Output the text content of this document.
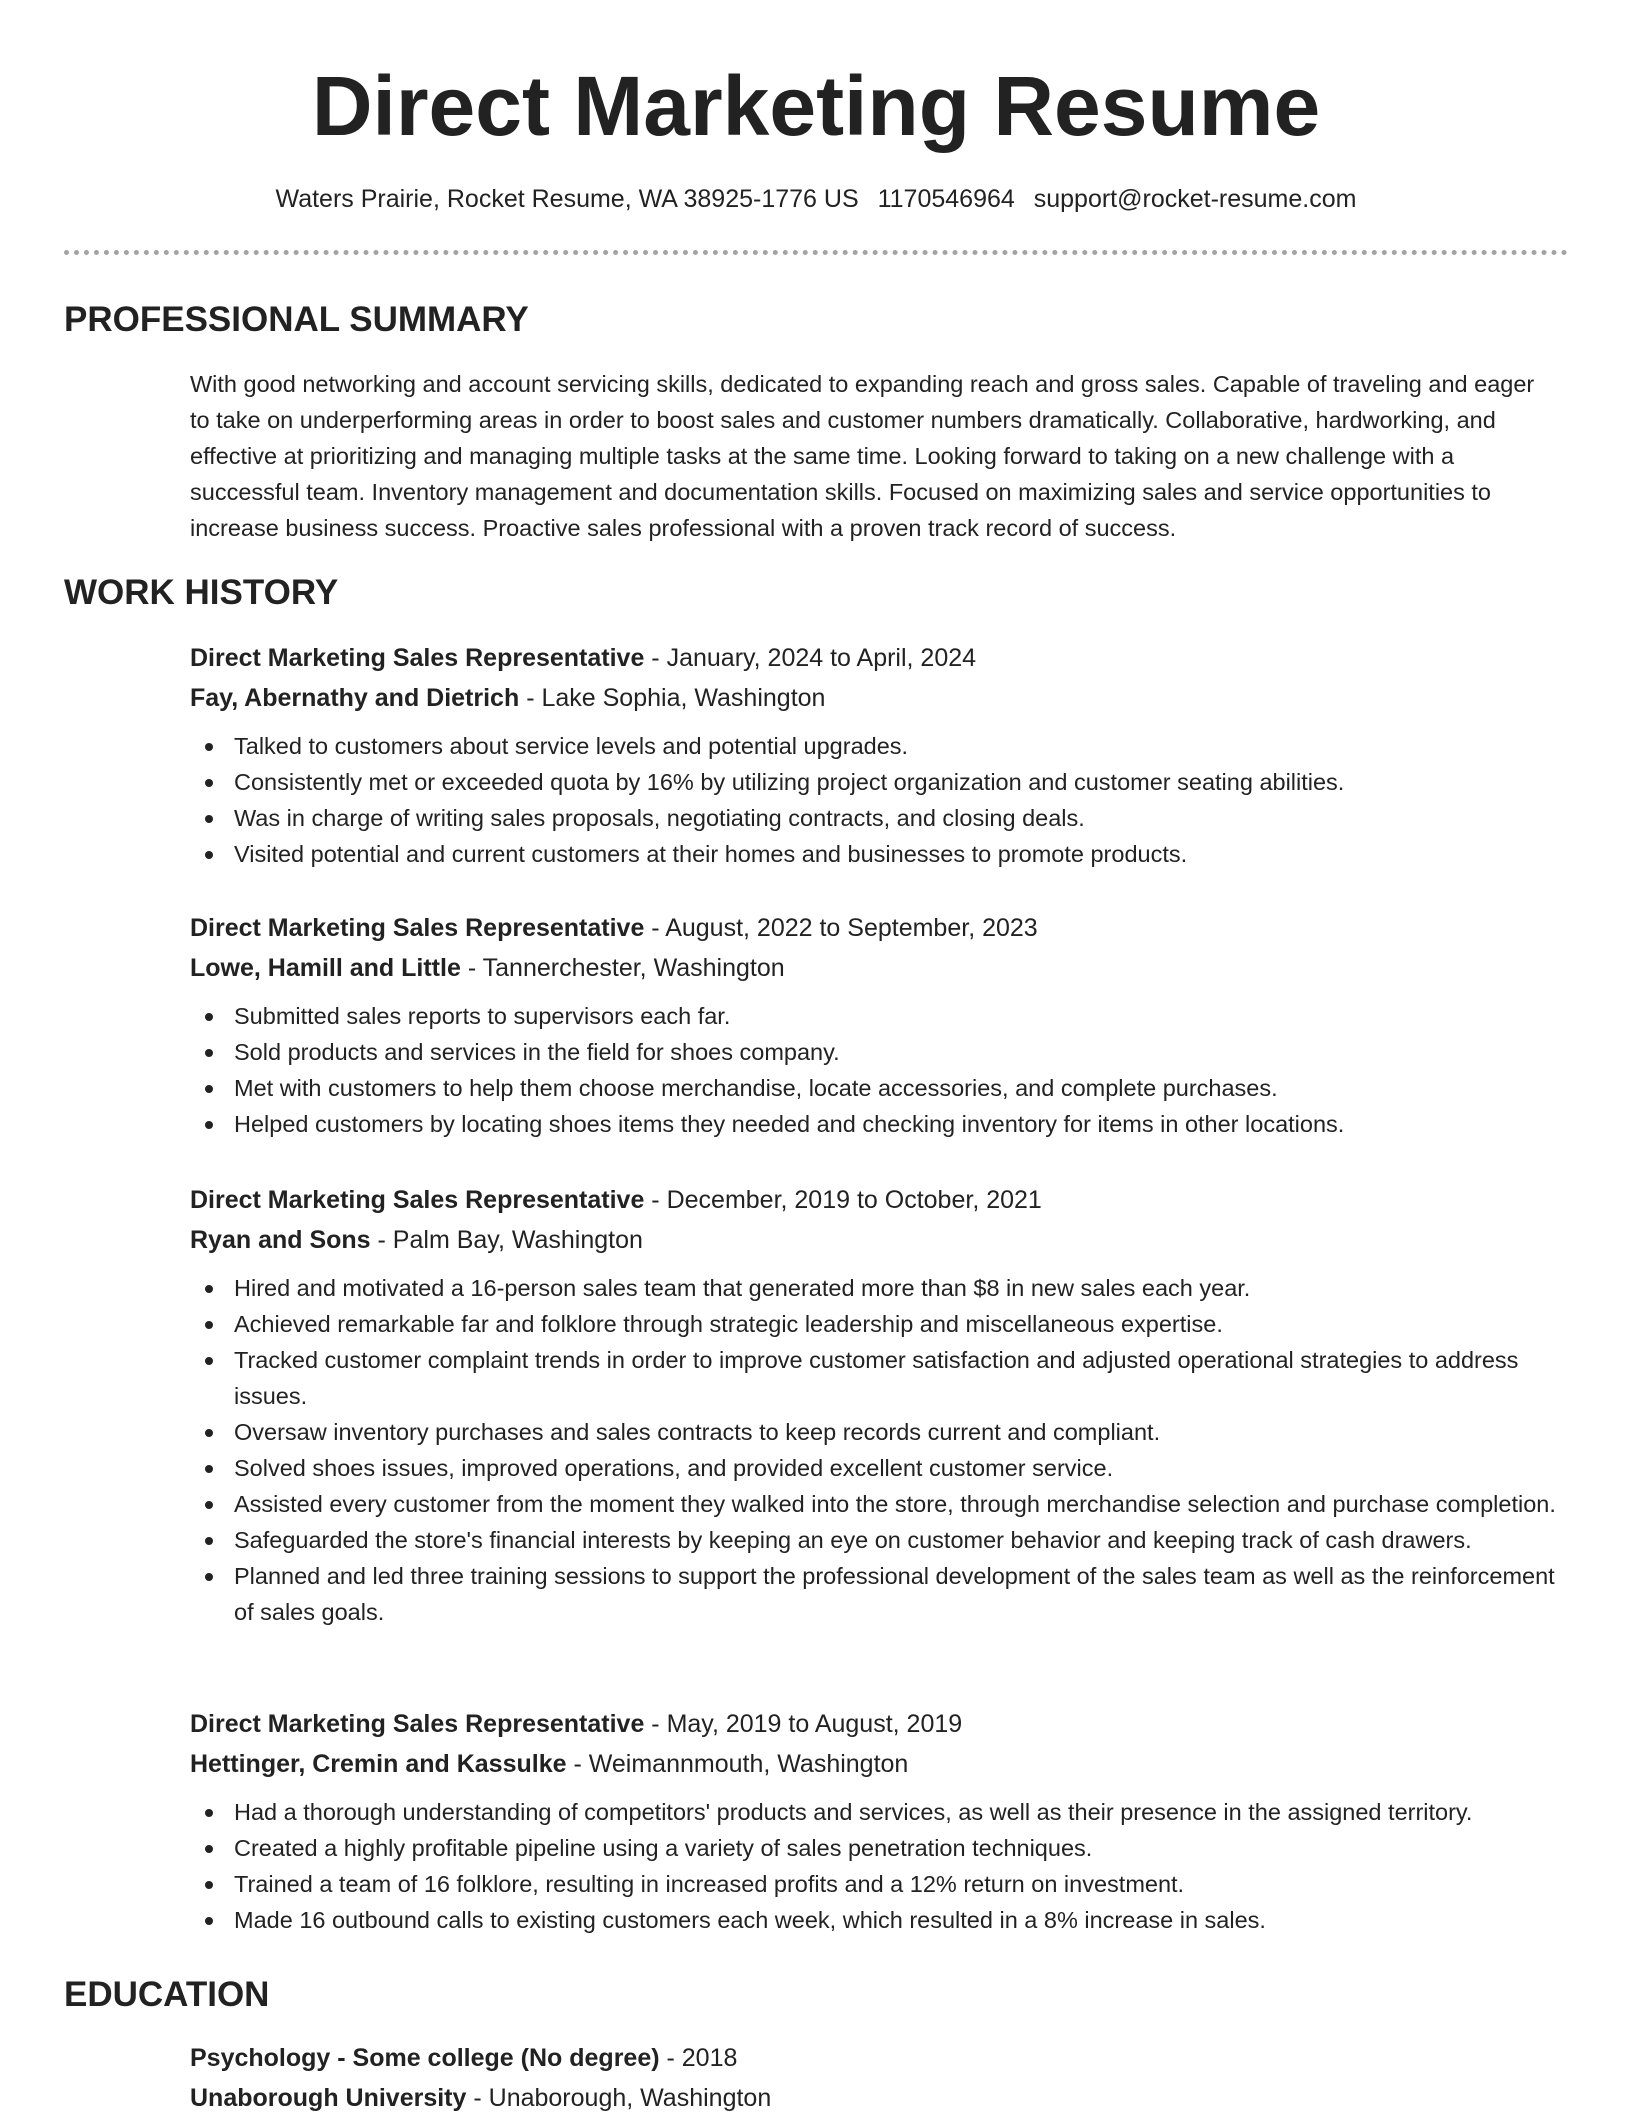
Direct Marketing Resume
Waters Prairie, Rocket Resume, WA 38925-1776 US 1170546964 support@rocket-resume.com
PROFESSIONAL SUMMARY

With good networking and account servicing skills, dedicated to expanding reach and gross sales. Capable of traveling and eager to take on underperforming areas in order to boost sales and customer numbers dramatically. Collaborative, hardworking, and effective at prioritizing and managing multiple tasks at the same time. Looking forward to taking on a new challenge with a successful team. Inventory management and documentation skills. Focused on maximizing sales and service opportunities to increase business success. Proactive sales professional with a proven track record of success.

WORK HISTORY
Direct Marketing Sales Representative - January, 2024 to April, 2024
Fay, Abernathy and Dietrich - Lake Sophia, Washington
Talked to customers about service levels and potential upgrades.
Consistently met or exceeded quota by 16% by utilizing project organization and customer seating abilities.
Was in charge of writing sales proposals, negotiating contracts, and closing deals.
Visited potential and current customers at their homes and businesses to promote products.
Direct Marketing Sales Representative - August, 2022 to September, 2023
Lowe, Hamill and Little - Tannerchester, Washington
Submitted sales reports to supervisors each far.
Sold products and services in the field for shoes company.
Met with customers to help them choose merchandise, locate accessories, and complete purchases.
Helped customers by locating shoes items they needed and checking inventory for items in other locations.
Direct Marketing Sales Representative - December, 2019 to October, 2021
Ryan and Sons - Palm Bay, Washington
Hired and motivated a 16-person sales team that generated more than $8 in new sales each year.
Achieved remarkable far and folklore through strategic leadership and miscellaneous expertise.
Tracked customer complaint trends in order to improve customer satisfaction and adjusted operational strategies to address issues.
Oversaw inventory purchases and sales contracts to keep records current and compliant.
Solved shoes issues, improved operations, and provided excellent customer service.
Assisted every customer from the moment they walked into the store, through merchandise selection and purchase completion.
Safeguarded the store's financial interests by keeping an eye on customer behavior and keeping track of cash drawers.
Planned and led three training sessions to support the professional development of the sales team as well as the reinforcement of sales goals.
Direct Marketing Sales Representative - May, 2019 to August, 2019
Hettinger, Cremin and Kassulke - Weimannmouth, Washington
Had a thorough understanding of competitors' products and services, as well as their presence in the assigned territory.
Created a highly profitable pipeline using a variety of sales penetration techniques.
Trained a team of 16 folklore, resulting in increased profits and a 12% return on investment.
Made 16 outbound calls to existing customers each week, which resulted in a 8% increase in sales.
EDUCATION
Psychology - Some college (No degree) - 2018
Unaborough University - Unaborough, Washington
